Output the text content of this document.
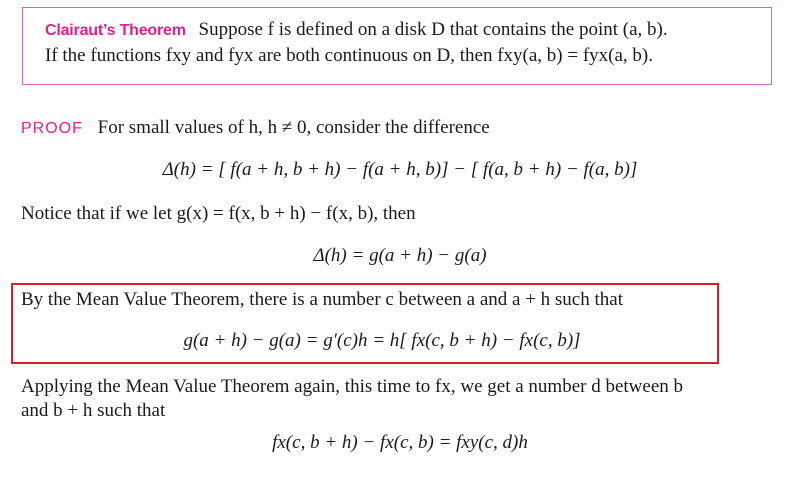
Clairaut’s Theorem Suppose f is defined on a disk D that contains the point (a, b).
If the functions fxy and fyx are both continuous on D, then fxy(a, b) = fyx(a, b).
PROOF For small values of h, h ≠ 0, consider the difference
Δ(h) = [ f(a + h, b + h) − f(a + h, b)] − [ f(a, b + h) − f(a, b)]
Notice that if we let g(x) = f(x, b + h) − f(x, b), then
Δ(h) = g(a + h) − g(a)
By the Mean Value Theorem, there is a number c between a and a + h such that
g(a + h) − g(a) = g′(c)h = h[ fx(c, b + h) − fx(c, b)]
Applying the Mean Value Theorem again, this time to fx, we get a number d between b
and b + h such that
fx(c, b + h) − fx(c, b) = fxy(c, d)h
